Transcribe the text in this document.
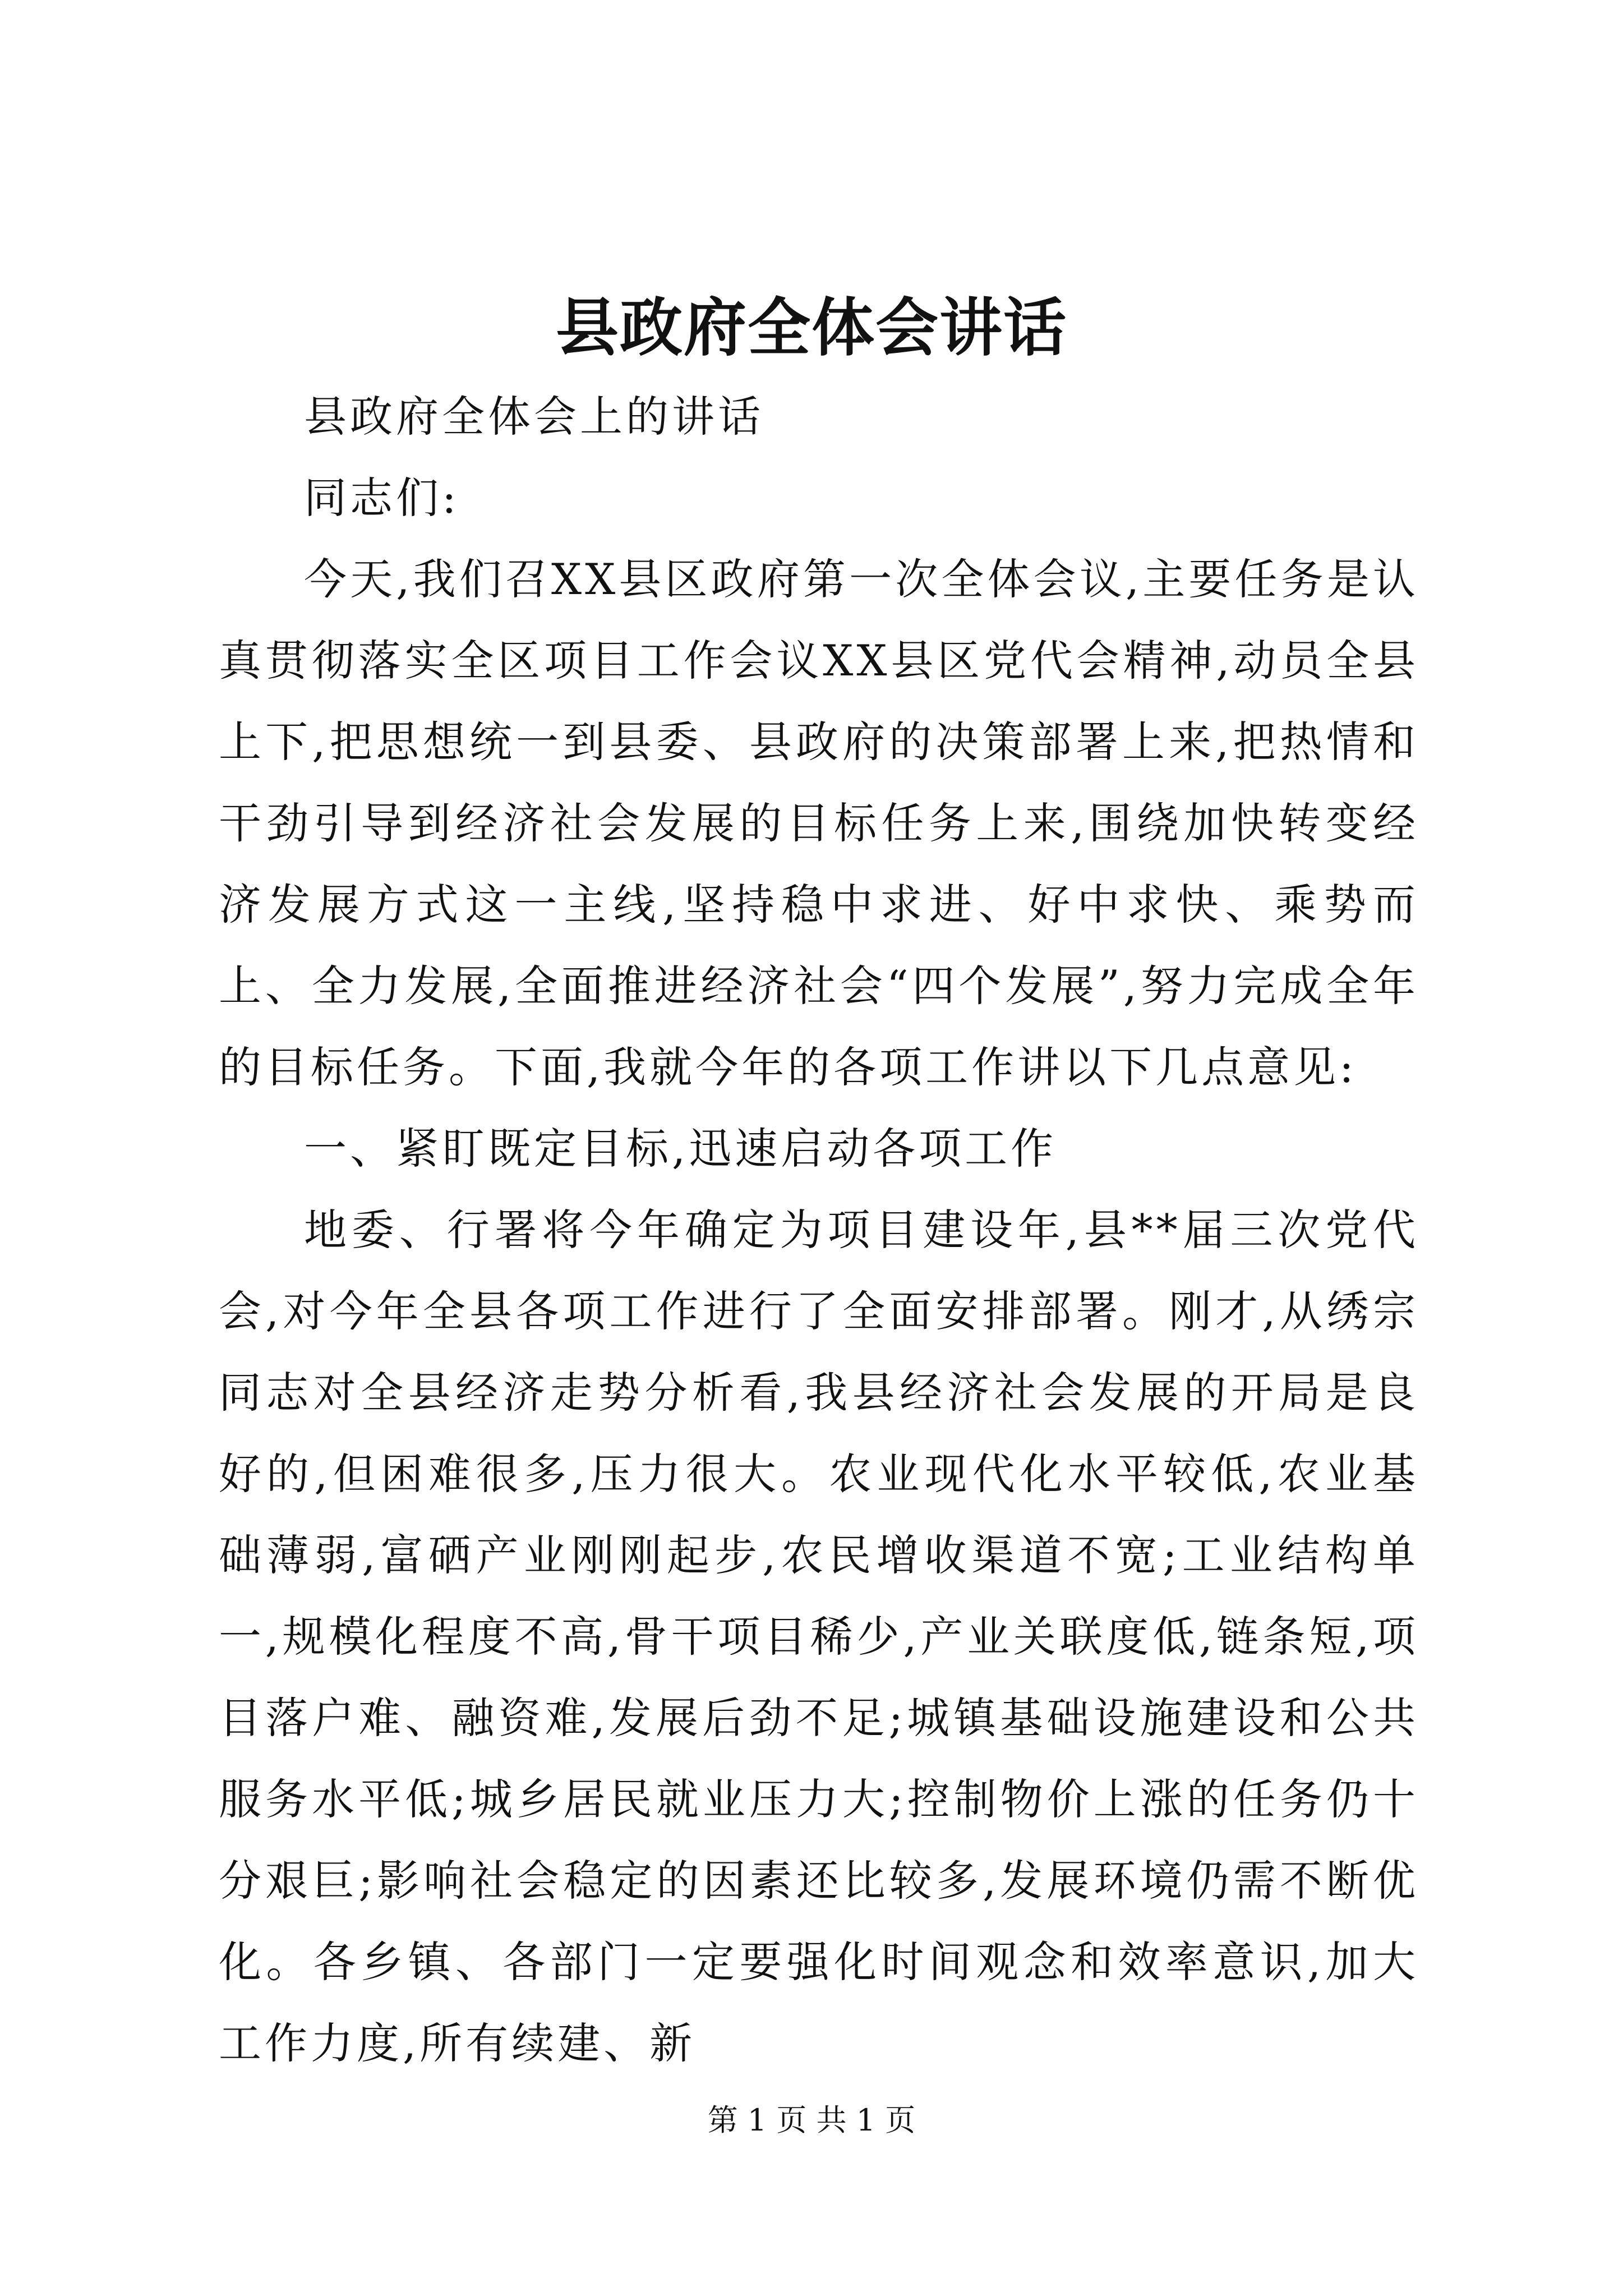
县政府全体会讲话

县政府全体会上的讲话

同志们:

今天,我们召XX县区政府第一次全体会议,主要任务是认真贯彻落实全区项目工作会议XX县区党代会精神,动员全县上下,把思想统一到县委、县政府的决策部署上来,把热情和干劲引导到经济社会发展的目标任务上来,围绕加快转变经济发展方式这一主线,坚持稳中求进、好中求快、乘势而上、全力发展,全面推进经济社会“四个发展”,努力完成全年的目标任务。下面,我就今年的各项工作讲以下几点意见:

一、紧盯既定目标,迅速启动各项工作

地委、行署将今年确定为项目建设年,县**届三次党代会,对今年全县各项工作进行了全面安排部署。刚才,从绣宗同志对全县经济走势分析看,我县经济社会发展的开局是良好的,但困难很多,压力很大。农业现代化水平较低,农业基础薄弱,富硒产业刚刚起步,农民增收渠道不宽;工业结构单一,规模化程度不高,骨干项目稀少,产业关联度低,链条短,项目落户难、融资难,发展后劲不足;城镇基础设施建设和公共服务水平低;城乡居民就业压力大;控制物价上涨的任务仍十分艰巨;影响社会稳定的因素还比较多,发展环境仍需不断优化。各乡镇、各部门一定要强化时间观念和效率意识,加大工作力度,所有续建、新

第 1 页 共 1 页
